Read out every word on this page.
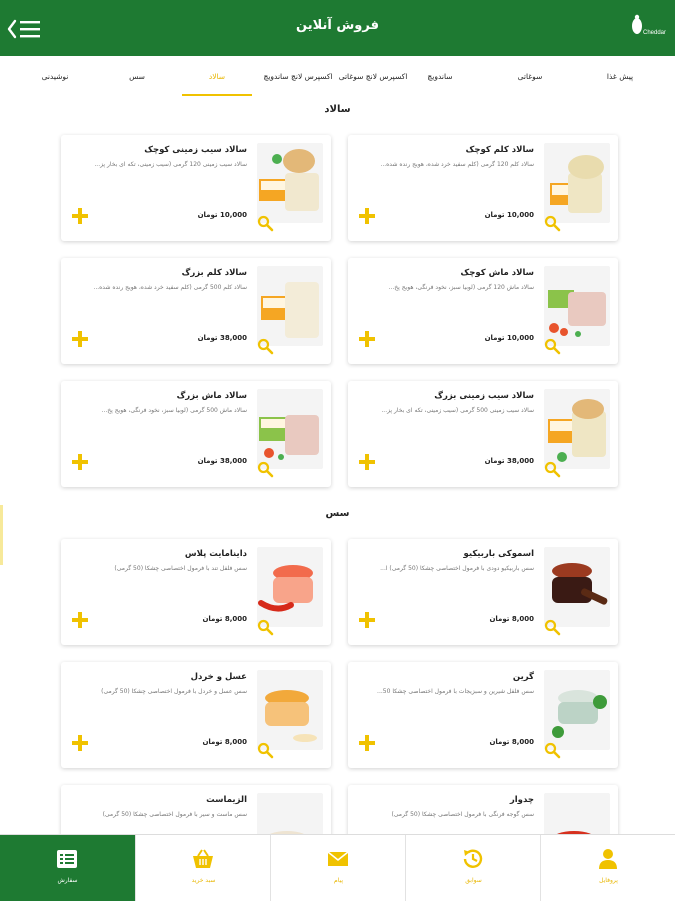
فروش آنلاین	Cheddar
پیش غذا
سوغاتی
ساندویچ
اکسپرس لانچ سوغاتی
اکسپرس لانچ ساندویچ
سالاد
سس
نوشیدنی
سالاد
سالاد کلم کوچک
سالاد کلم 120 گرمی (کلم سفید خرد شده، هویج رنده شده...
10,000 تومان
سالاد سیب زمینی کوچک
سالاد سیب زمینی 120 گرمی (سیب زمینی، تکه ای بخار پز...
10,000 تومان
سالاد ماش کوچک
سالاد ماش 120 گرمی (لوبیا سبز، نخود فرنگی، هویج پخ...
10,000 تومان
سالاد کلم بزرگ
سالاد کلم 500 گرمی (کلم سفید خرد شده، هویج رنده شده...
38,000 تومان
سالاد سیب زمینی بزرگ
سالاد سیب زمینی 500 گرمی (سیب زمینی، تکه ای بخار پز...
38,000 تومان
سالاد ماش بزرگ
سالاد ماش 500 گرمی (لوبیا سبز، نخود فرنگی، هویج پخ...
38,000 تومان
سس
اسموکی باربیکیو
سس باربیکیو دودی با فرمول اختصاصی چشکا (50 گرمی) ا...
8,000 تومان
داینامایت پلاس
سس فلفل تند با فرمول اختصاصی چشکا (50 گرمی)
8,000 تومان
گرین
سس فلفل شیرین و سبزیجات با فرمول اختصاصی چشکا 50...
8,000 تومان
عسل و خردل
سس عسل و خردل با فرمول اختصاصی چشکا (50 گرمی)
8,000 تومان
چدوار
سس گوجه فرنگی با فرمول اختصاصی چشکا (50 گرمی)
الزیماست
سس ماست و سیر با فرمول اختصاصی چشکا (50 گرمی)
پروفایل
سوابق
پیام
سبد خرید
سفارش
